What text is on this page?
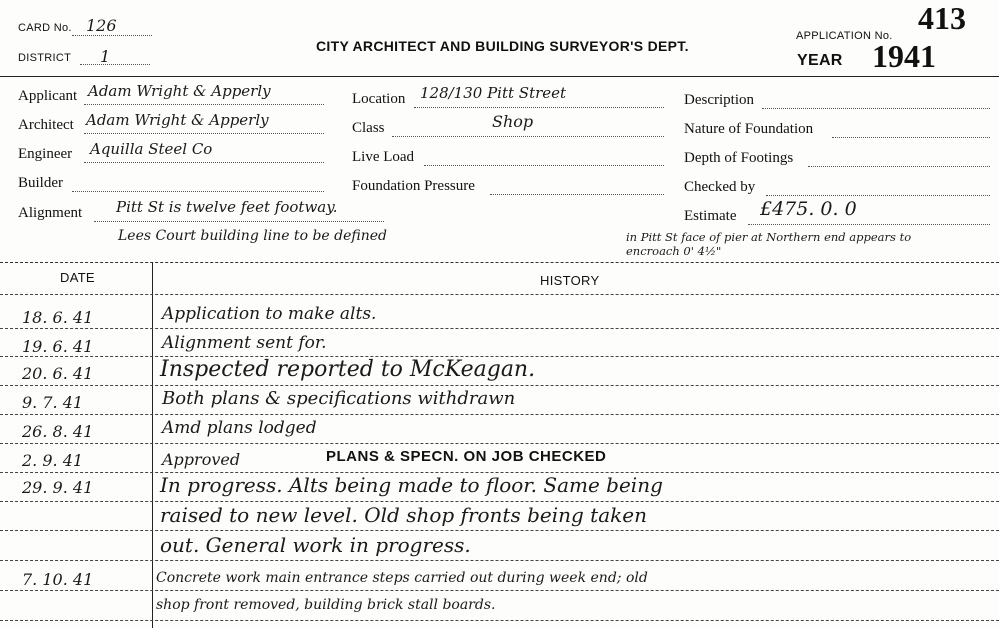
CARD No. 126
DISTRICT 1
CITY ARCHITECT AND BUILDING SURVEYOR'S DEPT.
APPLICATION No. 413
YEAR 1941
Applicant Adam Wright & Apperly
Architect Adam Wright & Apperly
Engineer Aquilla Steel Co
Builder
Alignment Pitt St is twelve feet footway.
Lees Court building line to be defined
Location 128/130 Pitt Street
Class	Shop
Live Load
Foundation Pressure
Description
Nature of Foundation
Depth of Footings
Checked by
Estimate £475. 0. 0
in Pitt St face of pier at Northern end appears to encroach 0' 4½"
DATE	HISTORY
18. 6. 41	Application to make alts.
19. 6. 41	Alignment sent for.
20. 6. 41	Inspected reported to McKeagan.
9. 7. 41	Both plans & specifications withdrawn
26. 8. 41	Amd plans lodged
2. 9. 41	Approved	PLANS & SPECN. ON JOB CHECKED
29. 9. 41	In progress. Alts being made to floor. Same being
raised to new level. Old shop fronts being taken
out. General work in progress.
7. 10. 41	Concrete work main entrance steps carried out during week end; old
shop front removed, building brick stall boards.
